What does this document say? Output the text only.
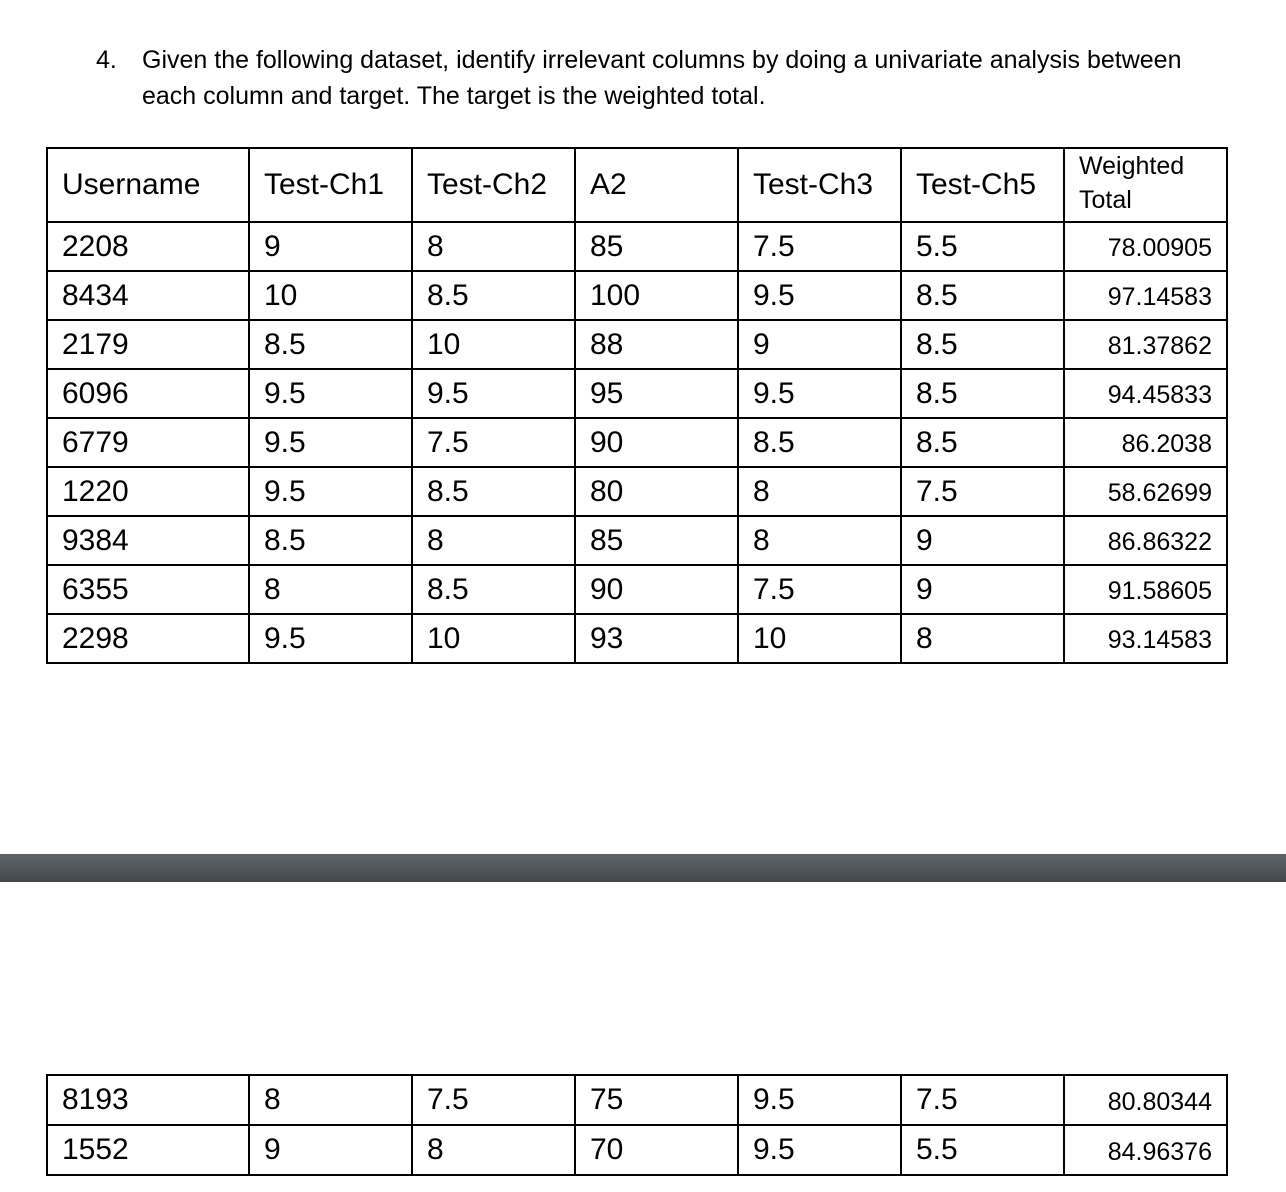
4. Given the following dataset, identify irrelevant columns by doing a univariate analysis between
each column and target. The target is the weighted total.
Username	Test-Ch1	Test-Ch2	A2	Test-Ch3	Test-Ch5	Weighted Total
2208	9	8	85	7.5	5.5	78.00905
8434	10	8.5	100	9.5	8.5	97.14583
2179	8.5	10	88	9	8.5	81.37862
6096	9.5	9.5	95	9.5	8.5	94.45833
6779	9.5	7.5	90	8.5	8.5	86.2038
1220	9.5	8.5	80	8	7.5	58.62699
9384	8.5	8	85	8	9	86.86322
6355	8	8.5	90	7.5	9	91.58605
2298	9.5	10	93	10	8	93.14583
8193	8	7.5	75	9.5	7.5	80.80344
1552	9	8	70	9.5	5.5	84.96376
